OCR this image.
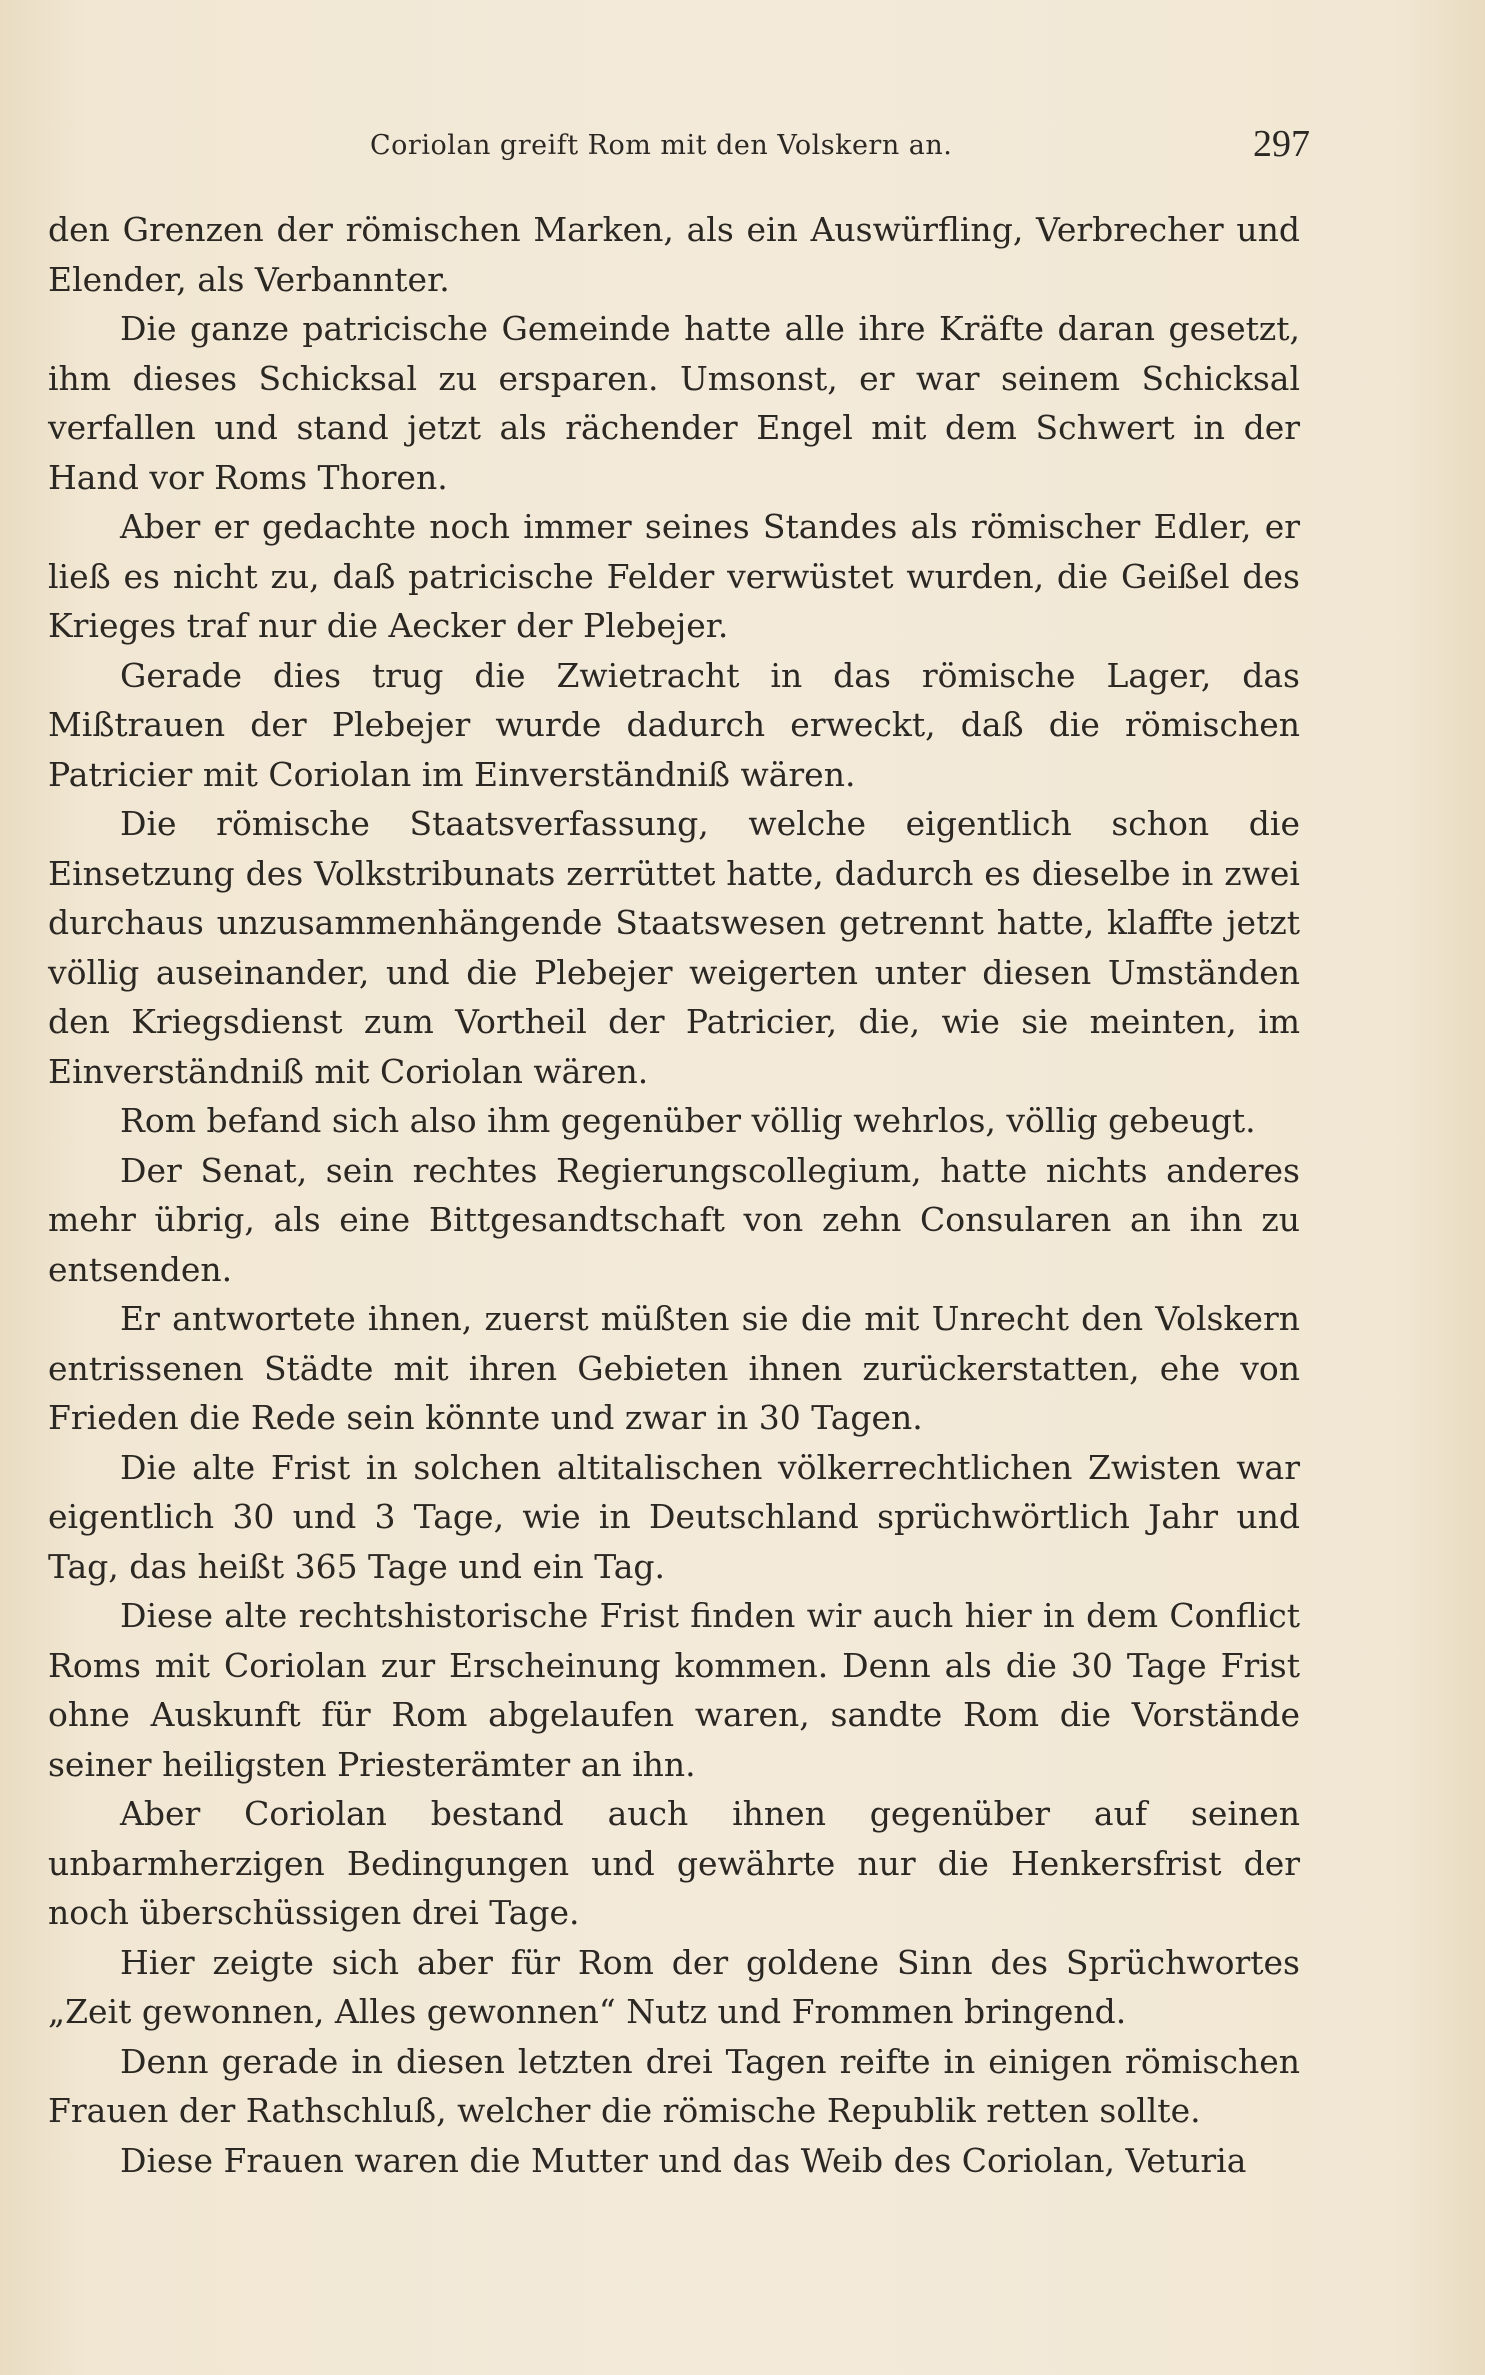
Coriolan greift Rom mit den Volskern an.	297

den Grenzen der römischen Marken, als ein Auswürfling, Verbrecher und Elender, als Verbannter.

Die ganze patricische Gemeinde hatte alle ihre Kräfte daran gesetzt, ihm dieses Schicksal zu ersparen. Umsonst, er war seinem Schicksal verfallen und stand jetzt als rächender Engel mit dem Schwert in der Hand vor Roms Thoren.

Aber er gedachte noch immer seines Standes als römischer Edler, er ließ es nicht zu, daß patricische Felder verwüstet wurden, die Geißel des Krieges traf nur die Aecker der Plebejer.

Gerade dies trug die Zwietracht in das römische Lager, das Mißtrauen der Plebejer wurde dadurch erweckt, daß die römischen Patricier mit Coriolan im Einverständniß wären.

Die römische Staatsverfassung, welche eigentlich schon die Einsetzung des Volkstribunats zerrüttet hatte, dadurch es dieselbe in zwei durchaus unzusammenhängende Staatswesen getrennt hatte, klaffte jetzt völlig auseinander, und die Plebejer weigerten unter diesen Umständen den Kriegsdienst zum Vortheil der Patricier, die, wie sie meinten, im Einverständniß mit Coriolan wären.

Rom befand sich also ihm gegenüber völlig wehrlos, völlig gebeugt.

Der Senat, sein rechtes Regierungscollegium, hatte nichts anderes mehr übrig, als eine Bittgesandtschaft von zehn Consularen an ihn zu entsenden.

Er antwortete ihnen, zuerst müßten sie die mit Unrecht den Volskern entrissenen Städte mit ihren Gebieten ihnen zurückerstatten, ehe von Frieden die Rede sein könnte und zwar in 30 Tagen.

Die alte Frist in solchen altitalischen völkerrechtlichen Zwisten war eigentlich 30 und 3 Tage, wie in Deutschland sprüchwörtlich Jahr und Tag, das heißt 365 Tage und ein Tag.

Diese alte rechtshistorische Frist finden wir auch hier in dem Conflict Roms mit Coriolan zur Erscheinung kommen. Denn als die 30 Tage Frist ohne Auskunft für Rom abgelaufen waren, sandte Rom die Vorstände seiner heiligsten Priesterämter an ihn.

Aber Coriolan bestand auch ihnen gegenüber auf seinen unbarmherzigen Bedingungen und gewährte nur die Henkersfrist der noch überschüssigen drei Tage.

Hier zeigte sich aber für Rom der goldene Sinn des Sprüchwortes „Zeit gewonnen, Alles gewonnen“ Nutz und Frommen bringend.

Denn gerade in diesen letzten drei Tagen reifte in einigen römischen Frauen der Rathschluß, welcher die römische Republik retten sollte.

Diese Frauen waren die Mutter und das Weib des Coriolan, Veturia
